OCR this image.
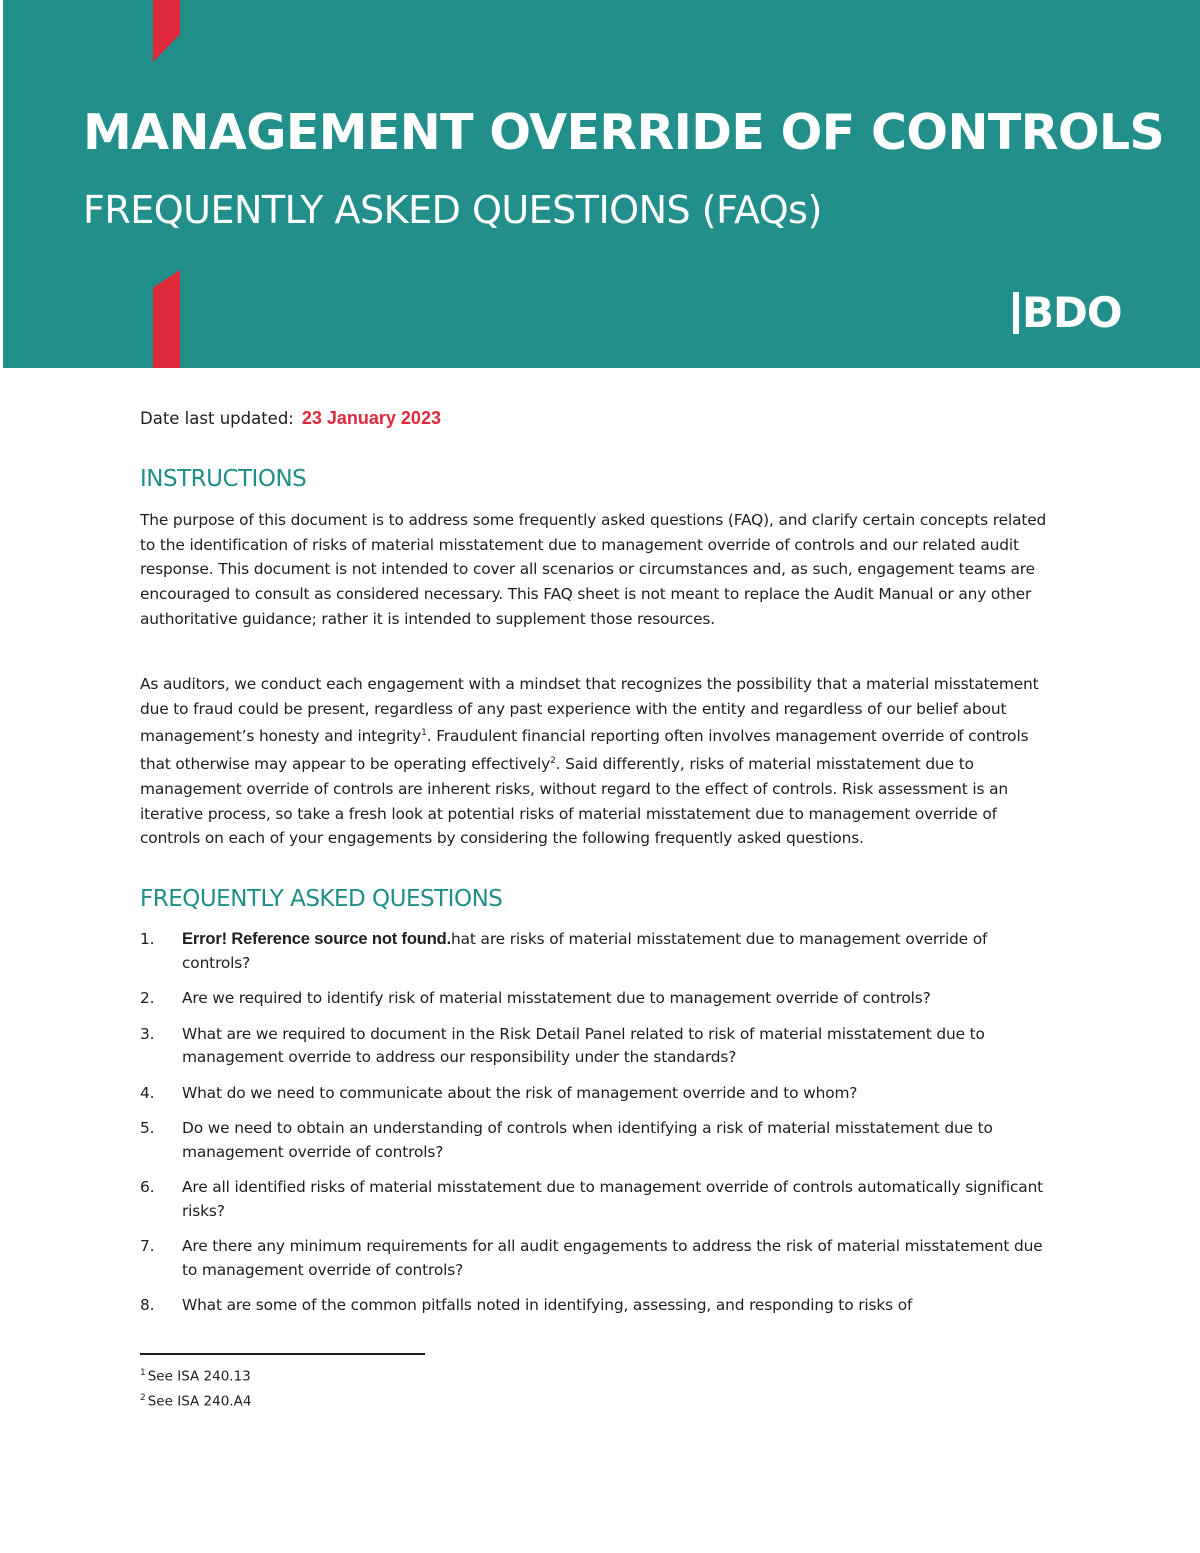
MANAGEMENT OVERRIDE OF CONTROLS
FREQUENTLY ASKED QUESTIONS (FAQs)
BDO
Date last updated: 23 January 2023
INSTRUCTIONS

The purpose of this document is to address some frequently asked questions (FAQ), and clarify certain concepts related to the identification of risks of material misstatement due to management override of controls and our related audit response. This document is not intended to cover all scenarios or circumstances and, as such, engagement teams are encouraged to consult as considered necessary. This FAQ sheet is not meant to replace the Audit Manual or any other authoritative guidance; rather it is intended to supplement those resources.

As auditors, we conduct each engagement with a mindset that recognizes the possibility that a material misstatement due to fraud could be present, regardless of any past experience with the entity and regardless of our belief about management’s honesty and integrity$^1$. Fraudulent financial reporting often involves management override of controls that otherwise may appear to be operating effectively$^2$. Said differently, risks of material misstatement due to management override of controls are inherent risks, without regard to the effect of controls. Risk assessment is an iterative process, so take a fresh look at potential risks of material misstatement due to management override of controls on each of your engagements by considering the following frequently asked questions.

FREQUENTLY ASKED QUESTIONS
1.	Error! Reference source not found.hat are risks of material misstatement due to management override of controls?
2.	Are we required to identify risk of material misstatement due to management override of controls?
3.	What are we required to document in the Risk Detail Panel related to risk of material misstatement due to management override to address our responsibility under the standards?
4.	What do we need to communicate about the risk of management override and to whom?
5.	Do we need to obtain an understanding of controls when identifying a risk of material misstatement due to management override of controls?
6.	Are all identified risks of material misstatement due to management override of controls automatically significant risks?
7.	Are there any minimum requirements for all audit engagements to address the risk of material misstatement due to management override of controls?
8.	What are some of the common pitfalls noted in identifying, assessing, and responding to risks of
$^1$ See ISA 240.13
$^2$ See ISA 240.A4
